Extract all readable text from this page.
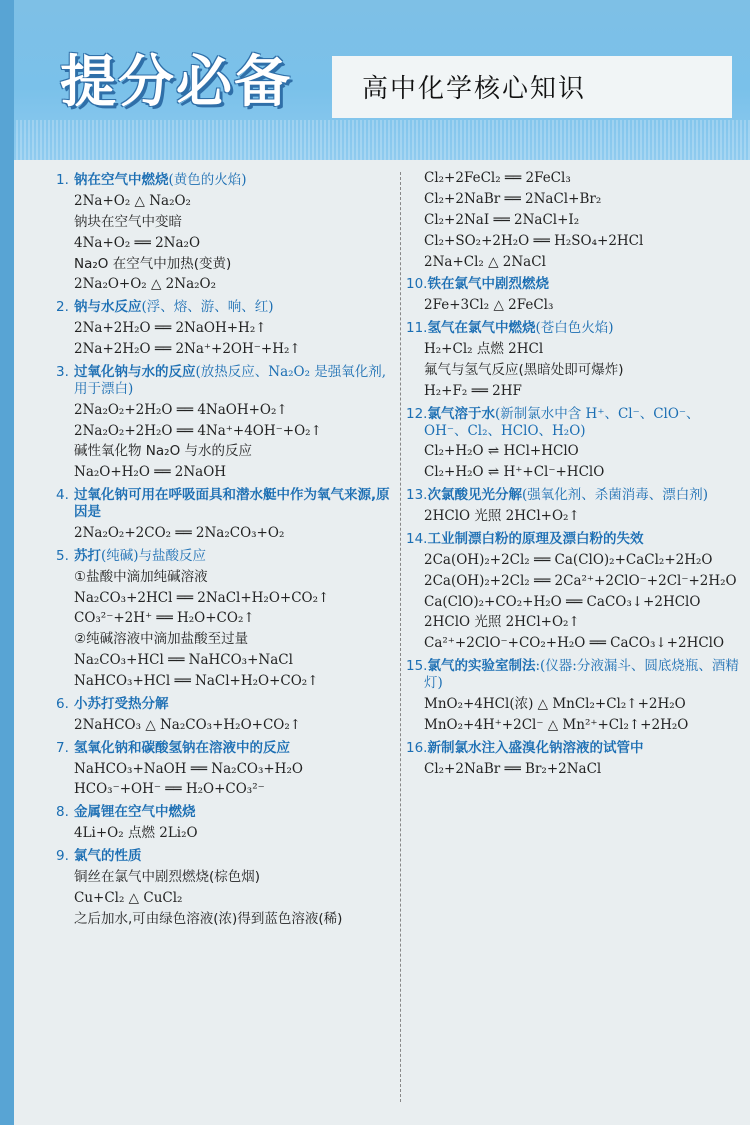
提分必备	高中化学核心知识
1. 钠在空气中燃烧(黄色的火焰)
2Na+O₂ △ Na₂O₂
钠块在空气中变暗
4Na+O₂ ══ 2Na₂O
Na₂O 在空气中加热(变黄)
2Na₂O+O₂ △ 2Na₂O₂
2. 钠与水反应(浮、熔、游、响、红)
2Na+2H₂O ══ 2NaOH+H₂↑
2Na+2H₂O ══ 2Na⁺+2OH⁻+H₂↑
3. 过氧化钠与水的反应(放热反应、Na₂O₂ 是强氧化剂,用于漂白)
2Na₂O₂+2H₂O ══ 4NaOH+O₂↑
2Na₂O₂+2H₂O ══ 4Na⁺+4OH⁻+O₂↑
碱性氧化物 Na₂O 与水的反应
Na₂O+H₂O ══ 2NaOH
4. 过氧化钠可用在呼吸面具和潜水艇中作为氧气来源,原因是
2Na₂O₂+2CO₂ ══ 2Na₂CO₃+O₂
5. 苏打(纯碱)与盐酸反应
①盐酸中滴加纯碱溶液
Na₂CO₃+2HCl ══ 2NaCl+H₂O+CO₂↑
CO₃²⁻+2H⁺ ══ H₂O+CO₂↑
②纯碱溶液中滴加盐酸至过量
Na₂CO₃+HCl ══ NaHCO₃+NaCl
NaHCO₃+HCl ══ NaCl+H₂O+CO₂↑
6. 小苏打受热分解
2NaHCO₃ △ Na₂CO₃+H₂O+CO₂↑
7. 氢氧化钠和碳酸氢钠在溶液中的反应
NaHCO₃+NaOH ══ Na₂CO₃+H₂O
HCO₃⁻+OH⁻ ══ H₂O+CO₃²⁻
8. 金属锂在空气中燃烧
4Li+O₂ 点燃 2Li₂O
9. 氯气的性质
铜丝在氯气中剧烈燃烧(棕色烟)
Cu+Cl₂ △ CuCl₂
之后加水,可由绿色溶液(浓)得到蓝色溶液(稀)
Cl₂+2FeCl₂ ══ 2FeCl₃
Cl₂+2NaBr ══ 2NaCl+Br₂
Cl₂+2NaI ══ 2NaCl+I₂
Cl₂+SO₂+2H₂O ══ H₂SO₄+2HCl
2Na+Cl₂ △ 2NaCl
10.铁在氯气中剧烈燃烧
2Fe+3Cl₂ △ 2FeCl₃
11.氢气在氯气中燃烧(苍白色火焰)
H₂+Cl₂ 点燃 2HCl
氟气与氢气反应(黑暗处即可爆炸)
H₂+F₂ ══ 2HF
12.氯气溶于水(新制氯水中含 H⁺、Cl⁻、ClO⁻、OH⁻、Cl₂、HClO、H₂O)
Cl₂+H₂O ⇌ HCl+HClO
Cl₂+H₂O ⇌ H⁺+Cl⁻+HClO
13.次氯酸见光分解(强氧化剂、杀菌消毒、漂白剂)
2HClO 光照 2HCl+O₂↑
14.工业制漂白粉的原理及漂白粉的失效
2Ca(OH)₂+2Cl₂ ══ Ca(ClO)₂+CaCl₂+2H₂O
2Ca(OH)₂+2Cl₂ ══ 2Ca²⁺+2ClO⁻+2Cl⁻+2H₂O
Ca(ClO)₂+CO₂+H₂O ══ CaCO₃↓+2HClO
2HClO 光照 2HCl+O₂↑
Ca²⁺+2ClO⁻+CO₂+H₂O ══ CaCO₃↓+2HClO
15.氯气的实验室制法:(仪器:分液漏斗、圆底烧瓶、酒精灯)
MnO₂+4HCl(浓) △ MnCl₂+Cl₂↑+2H₂O
MnO₂+4H⁺+2Cl⁻ △ Mn²⁺+Cl₂↑+2H₂O
16.新制氯水注入盛溴化钠溶液的试管中
Cl₂+2NaBr ══ Br₂+2NaCl
